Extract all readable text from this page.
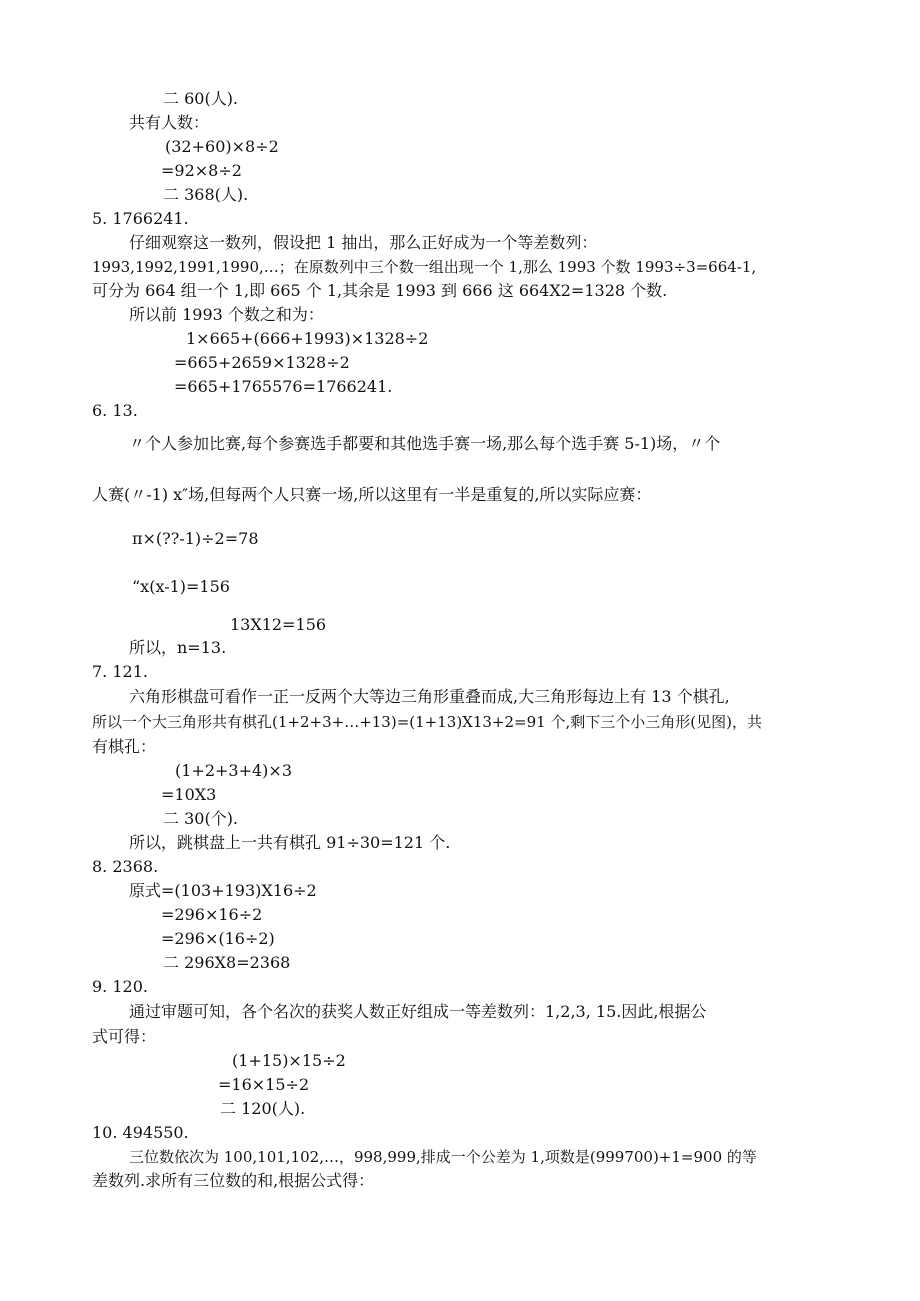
二 60(人).
共有人数：
(32+60)×8÷2
=92×8÷2
二 368(人).
5. 1766241.
仔细观察这一数列，假设把 1 抽出，那么正好成为一个等差数列：
1993,1992,1991,1990,…；在原数列中三个数一组出现一个 1,那么 1993 个数 1993÷3=664-1,
可分为 664 组一个 1,即 665 个 1,其余是 1993 到 666 这 664X2=1328 个数.
所以前 1993 个数之和为：
1×665+(666+1993)×1328÷2
=665+2659×1328÷2
=665+1765576=1766241.
6. 13.
〃个人参加比赛,每个参赛选手都要和其他选手赛一场,那么每个选手赛 5-1)场，〃个
人赛(〃-1) x″场,但每两个人只赛一场,所以这里有一半是重复的,所以实际应赛：
π×(??-1)÷2=78
“x(x-1)=156
13X12=156
所以，n=13.
7. 121.
六角形棋盘可看作一正一反两个大等边三角形重叠而成,大三角形每边上有 13 个棋孔,
所以一个大三角形共有棋孔(1+2+3+…+13)=(1+13)X13+2=91 个,剩下三个小三角形(见图)，共
有棋孔：
(1+2+3+4)×3
=10X3
二 30(个).
所以，跳棋盘上一共有棋孔 91÷30=121 个.
8. 2368.
原式=(103+193)X16÷2
=296×16÷2
=296×(16÷2)
二 296X8=2368
9. 120.
通过审题可知，各个名次的获奖人数正好组成一等差数列：1,2,3, 15.因此,根据公
式可得：
(1+15)×15÷2
=16×15÷2
二 120(人).
10. 494550.
三位数依次为 100,101,102,…，998,999,排成一个公差为 1,项数是(999700)+1=900 的等
差数列.求所有三位数的和,根据公式得：
